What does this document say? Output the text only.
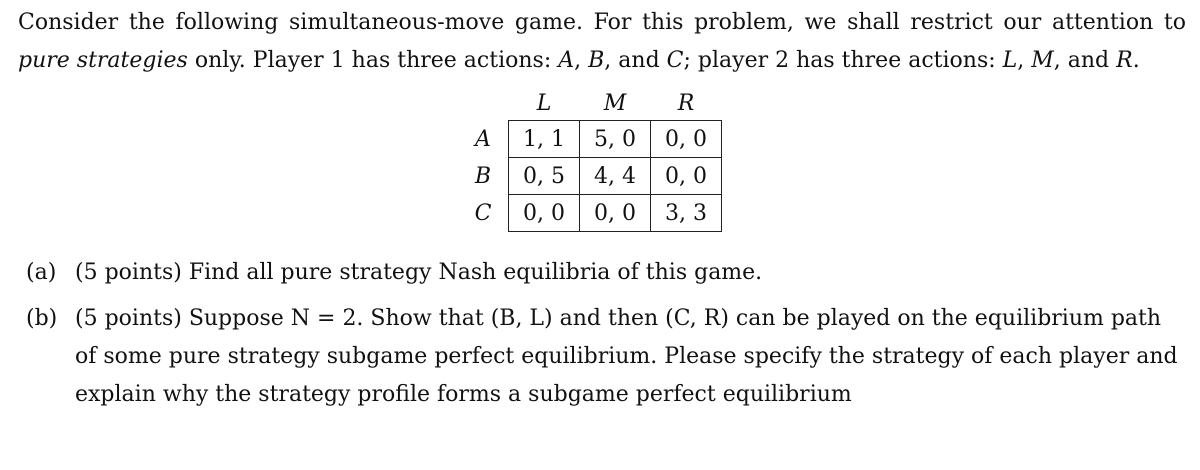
Consider the following simultaneous-move game. For this problem, we shall restrict our attention to pure strategies only. Player 1 has three actions: A, B, and C; player 2 has three actions: L, M, and R.

	L	M	R
A	1, 1	5, 0	0, 0
B	0, 5	4, 4	0, 0
C	0, 0	0, 0	3, 3
(a) (5 points) Find all pure strategy Nash equilibria of this game.
(b) (5 points) Suppose N = 2. Show that (B, L) and then (C, R) can be played on the equilibrium path of some pure strategy subgame perfect equilibrium. Please specify the strategy of each player and explain why the strategy profile forms a subgame perfect equilibrium
